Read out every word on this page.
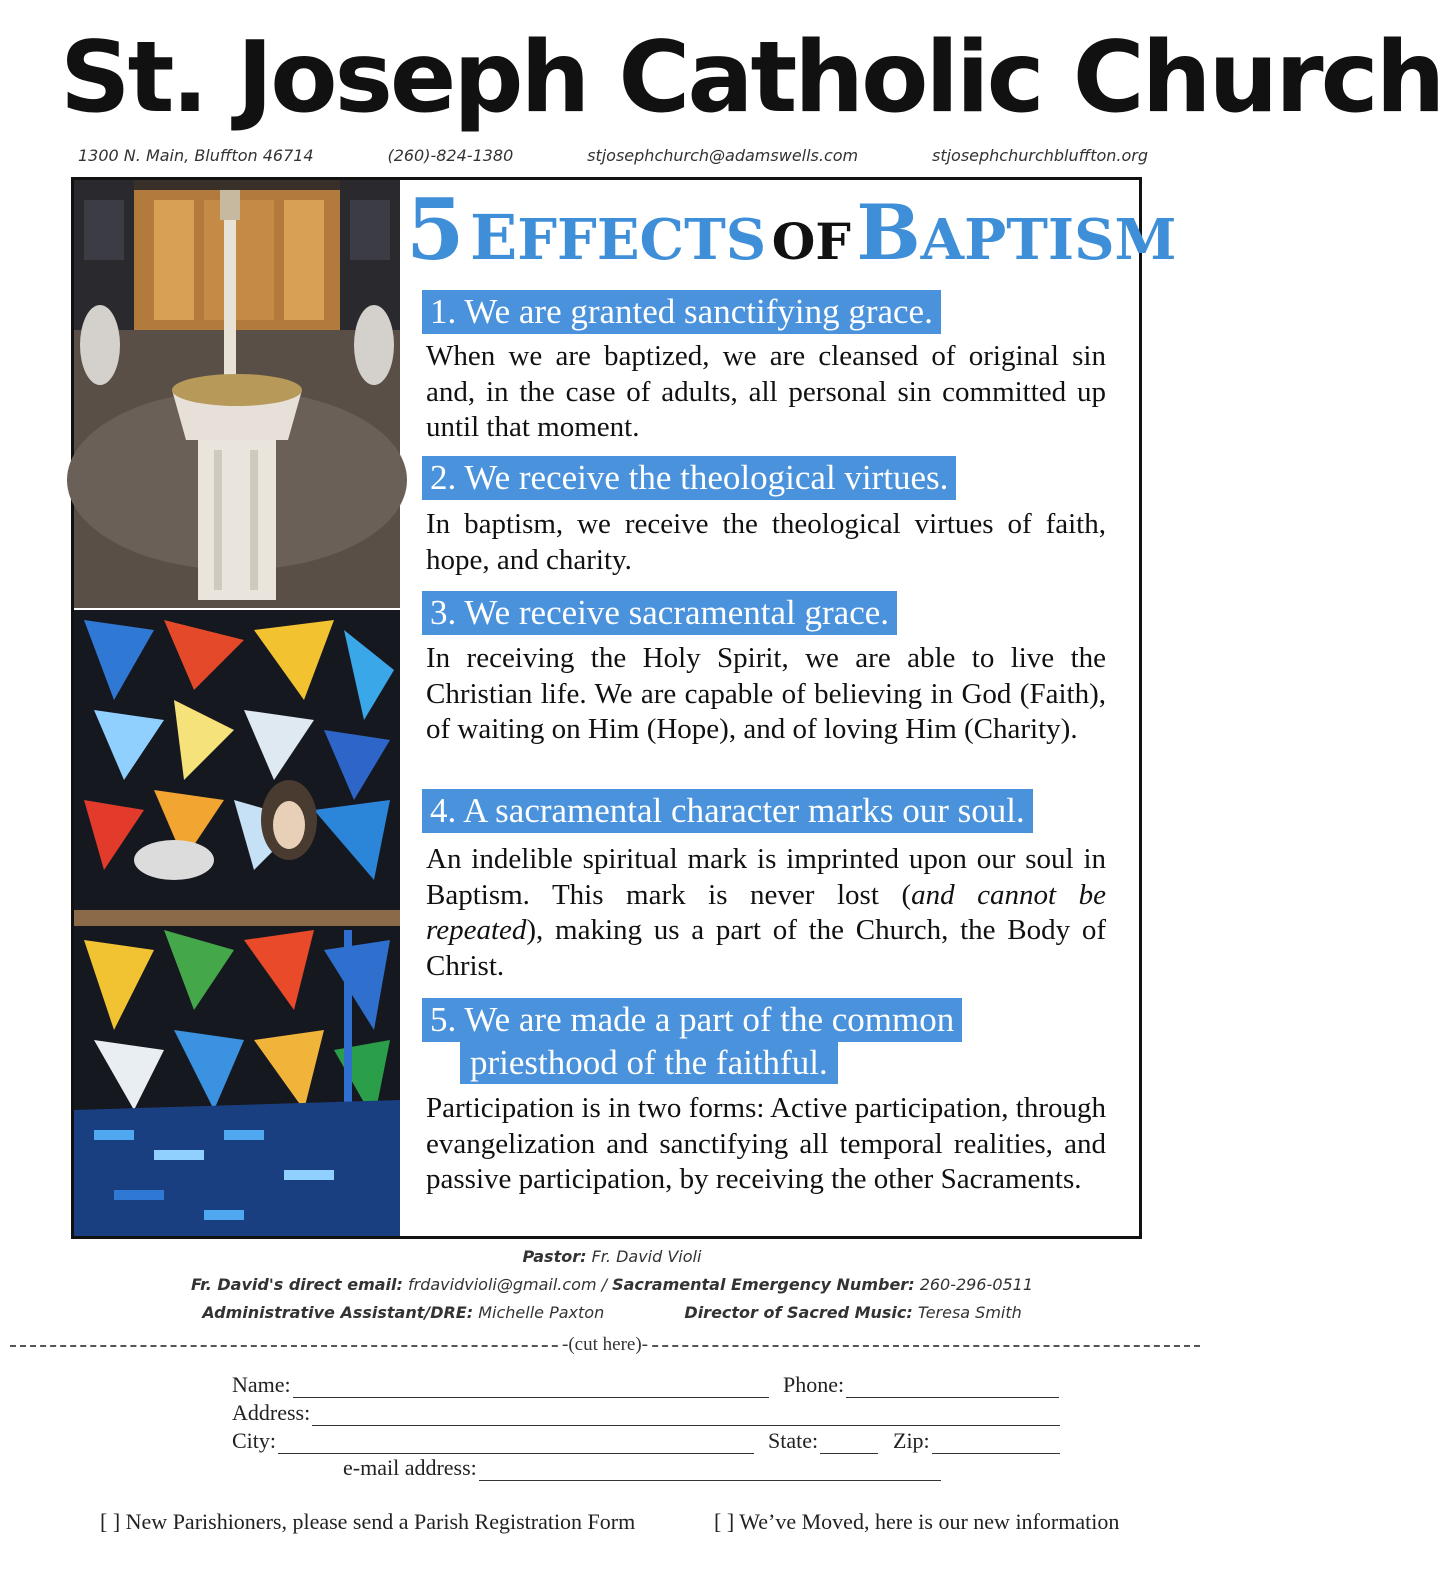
St. Joseph Catholic Church
1300 N. Main, Bluffton 46714	(260)-824-1380	stjosephchurch@adamswells.com	stjosephchurchbluffton.org
5 EFFECTS OF BAPTISM
1. We are granted sanctifying grace.
When we are baptized, we are cleansed of original sin and, in the case of adults, all personal sin committed up until that moment.
2. We receive the theological virtues.
In baptism, we receive the theological virtues of faith, hope, and charity.
3. We receive sacramental grace.
In receiving the Holy Spirit, we are able to live the Christian life. We are capable of believing in God (Faith), of waiting on Him (Hope), and of loving Him (Charity).
4. A sacramental character marks our soul.
An indelible spiritual mark is imprinted upon our soul in Baptism. This mark is never lost (and cannot be repeated), making us a part of the Church, the Body of Christ.
5. We are made a part of the common
priesthood of the faithful.
Participation is in two forms: Active participation, through evangelization and sanctifying all temporal realities, and passive participation, by receiving the other Sacraments.
Pastor: Fr. David Violi
Fr. David's direct email: frdavidvioli@gmail.com / Sacramental Emergency Number: 260-296-0511
Administrative Assistant/DRE: Michelle Paxton	Director of Sacred Music: Teresa Smith
-(cut here)-
Name:	Phone:
Address:
City:	State:	Zip:
e-mail address:
[ ] New Parishioners, please send a Parish Registration Form	[ ] We’ve Moved, here is our new information
